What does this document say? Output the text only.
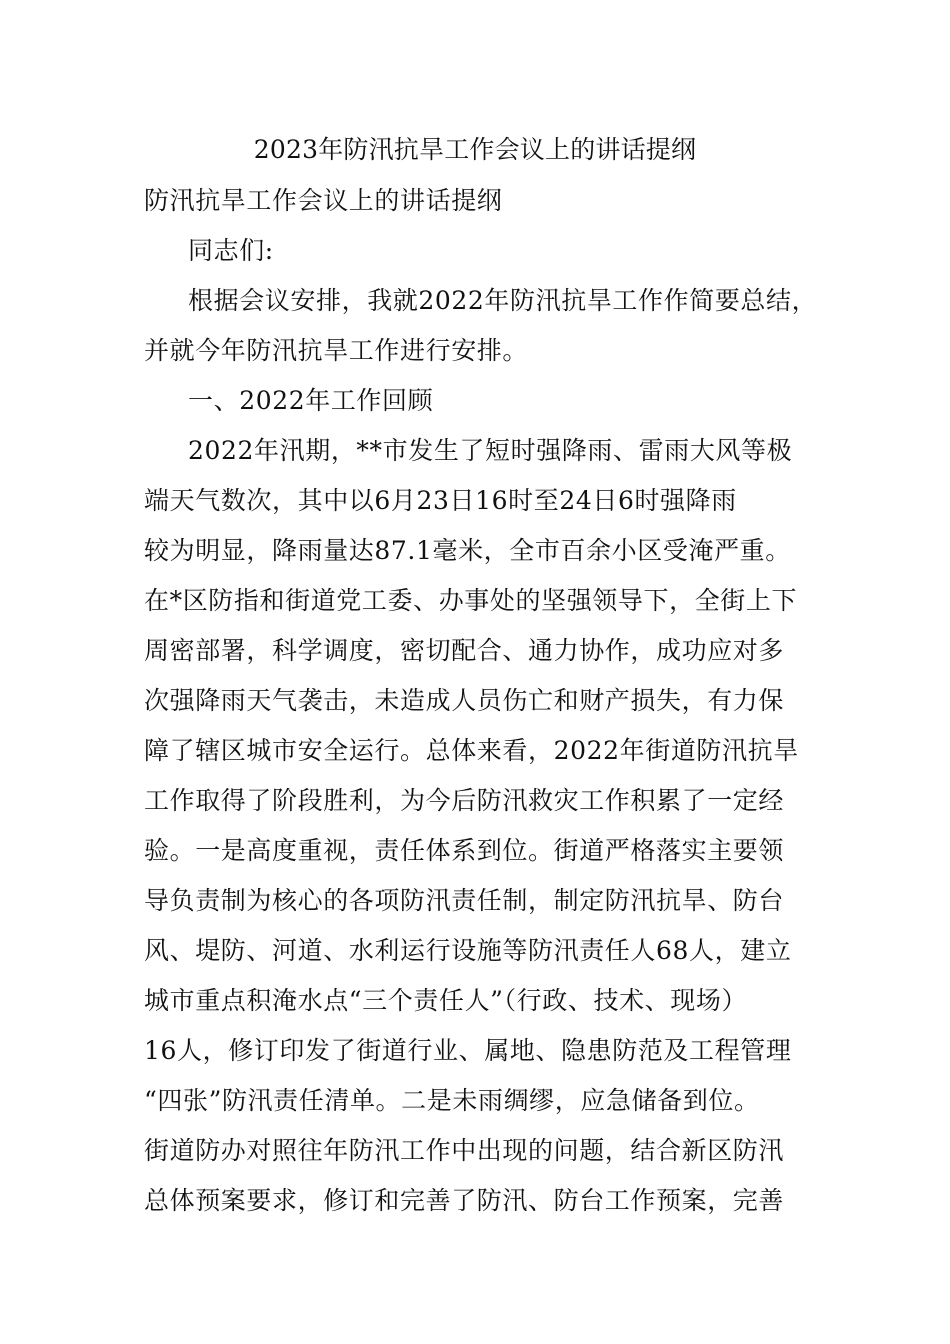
2023年防汛抗旱工作会议上的讲话提纲
防汛抗旱工作会议上的讲话提纲
同志们:
根据会议安排，我就2022年防汛抗旱工作作简要总结，
并就今年防汛抗旱工作进行安排。
一、2022年工作回顾
2022年汛期，**市发生了短时强降雨、雷雨大风等极
端天气数次，其中以6月23日16时至24日6时强降雨
较为明显，降雨量达87.1毫米，全市百余小区受淹严重。
在*区防指和街道党工委、办事处的坚强领导下，全街上下
周密部署，科学调度，密切配合、通力协作，成功应对多
次强降雨天气袭击，未造成人员伤亡和财产损失，有力保
障了辖区城市安全运行。总体来看，2022年街道防汛抗旱
工作取得了阶段胜利，为今后防汛救灾工作积累了一定经
验。一是高度重视，责任体系到位。街道严格落实主要领
导负责制为核心的各项防汛责任制，制定防汛抗旱、防台
风、堤防、河道、水利运行设施等防汛责任人68人，建立
城市重点积淹水点“三个责任人”（行政、技术、现场）
16人，修订印发了街道行业、属地、隐患防范及工程管理
“四张”防汛责任清单。二是未雨绸缪，应急储备到位。
街道防办对照往年防汛工作中出现的问题，结合新区防汛
总体预案要求，修订和完善了防汛、防台工作预案，完善
